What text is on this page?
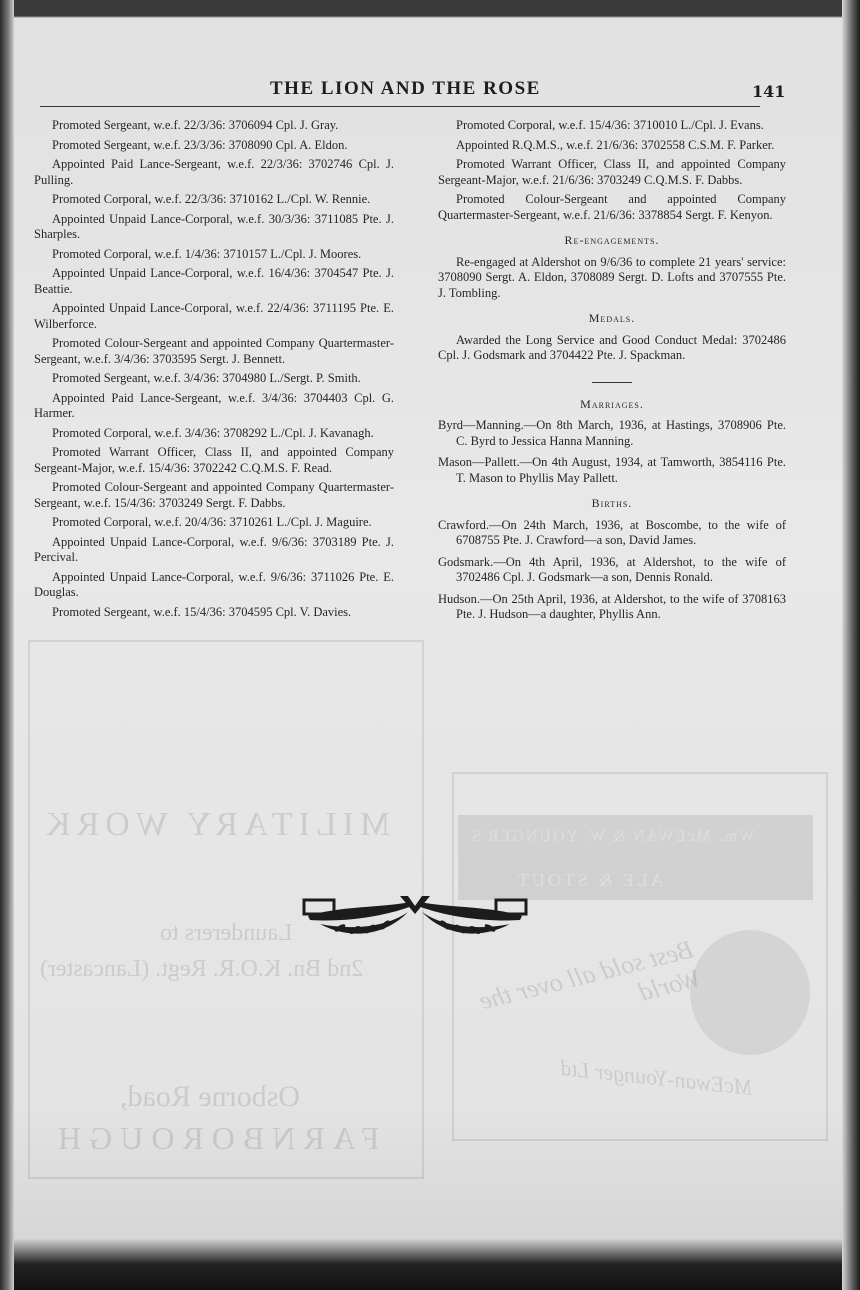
MILITARY WORK
Launderers to
2nd Bn. K.O.R. Regt. (Lancaster)
Osborne Road,
FARNBOROUGH
Wm. McEWAN & W. YOUNGER'S
ALE & STOUT
Best sold all over the World
McEwan-Younger Ltd
THE LION AND THE ROSE	141

Promoted Sergeant, w.e.f. 22/3/36: 3706094 Cpl. J. Gray.

Promoted Sergeant, w.e.f. 23/3/36: 3708090 Cpl. A. Eldon.

Appointed Paid Lance-Sergeant, w.e.f. 22/3/36: 3702746 Cpl. J. Pulling.

Promoted Corporal, w.e.f. 22/3/36: 3710162 L./Cpl. W. Rennie.

Appointed Unpaid Lance-Corporal, w.e.f. 30/3/36: 3711085 Pte. J. Sharples.

Promoted Corporal, w.e.f. 1/4/36: 3710157 L./Cpl. J. Moores.

Appointed Unpaid Lance-Corporal, w.e.f. 16/4/36: 3704547 Pte. J. Beattie.

Appointed Unpaid Lance-Corporal, w.e.f. 22/4/36: 3711195 Pte. E. Wilberforce.

Promoted Colour-Sergeant and appointed Company Quartermaster-Sergeant, w.e.f. 3/4/36: 3703595 Sergt. J. Bennett.

Promoted Sergeant, w.e.f. 3/4/36: 3704980 L./Sergt. P. Smith.

Appointed Paid Lance-Sergeant, w.e.f. 3/4/36: 3704403 Cpl. G. Harmer.

Promoted Corporal, w.e.f. 3/4/36: 3708292 L./Cpl. J. Kavanagh.

Promoted Warrant Officer, Class II, and appointed Company Sergeant-Major, w.e.f. 15/4/36: 3702242 C.Q.M.S. F. Read.

Promoted Colour-Sergeant and appointed Company Quartermaster-Sergeant, w.e.f. 15/4/36: 3703249 Sergt. F. Dabbs.

Promoted Corporal, w.e.f. 20/4/36: 3710261 L./Cpl. J. Maguire.

Appointed Unpaid Lance-Corporal, w.e.f. 9/6/36: 3703189 Pte. J. Percival.

Appointed Unpaid Lance-Corporal, w.e.f. 9/6/36: 3711026 Pte. E. Douglas.

Promoted Sergeant, w.e.f. 15/4/36: 3704595 Cpl. V. Davies.

Promoted Corporal, w.e.f. 15/4/36: 3710010 L./Cpl. J. Evans.

Appointed R.Q.M.S., w.e.f. 21/6/36: 3702558 C.S.M. F. Parker.

Promoted Warrant Officer, Class II, and appointed Company Sergeant-Major, w.e.f. 21/6/36: 3703249 C.Q.M.S. F. Dabbs.

Promoted Colour-Sergeant and appointed Company Quartermaster-Sergeant, w.e.f. 21/6/36: 3378854 Sergt. F. Kenyon.

Re-engagements.

Re-engaged at Aldershot on 9/6/36 to complete 21 years' service: 3708090 Sergt. A. Eldon, 3708089 Sergt. D. Lofts and 3707555 Pte. J. Tombling.

Medals.

Awarded the Long Service and Good Conduct Medal: 3702486 Cpl. J. Godsmark and 3704422 Pte. J. Spackman.

Marriages.

Byrd—Manning.—On 8th March, 1936, at Hastings, 3708906 Pte. C. Byrd to Jessica Hanna Manning.

Mason—Pallett.—On 4th August, 1934, at Tamworth, 3854116 Pte. T. Mason to Phyllis May Pallett.

Births.

Crawford.—On 24th March, 1936, at Boscombe, to the wife of 6708755 Pte. J. Crawford—a son, David James.

Godsmark.—On 4th April, 1936, at Aldershot, to the wife of 3702486 Cpl. J. Godsmark—a son, Dennis Ronald.

Hudson.—On 25th April, 1936, at Aldershot, to the wife of 3708163 Pte. J. Hudson—a daughter, Phyllis Ann.
